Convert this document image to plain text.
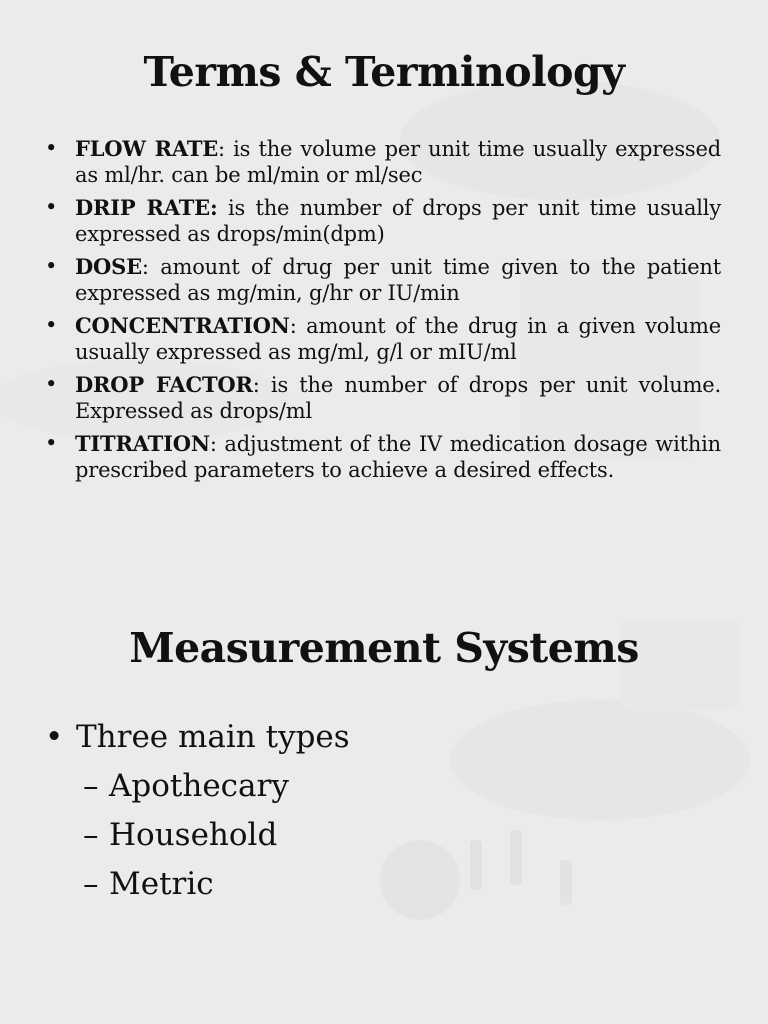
Terms & Terminology
• FLOW RATE: is the volume per unit time usually expressed as ml/hr. can be ml/min or ml/sec
• DRIP RATE: is the number of drops per unit time usually expressed as drops/min(dpm)
• DOSE: amount of drug per unit time given to the patient expressed as mg/min, g/hr or IU/min
• CONCENTRATION: amount of the drug in a given volume usually expressed as mg/ml, g/l or mIU/ml
• DROP FACTOR: is the number of drops per unit volume. Expressed as drops/ml
• TITRATION: adjustment of the IV medication dosage within prescribed parameters to achieve a desired effects.
Measurement Systems
• Three main types
– Apothecary
– Household
– Metric
